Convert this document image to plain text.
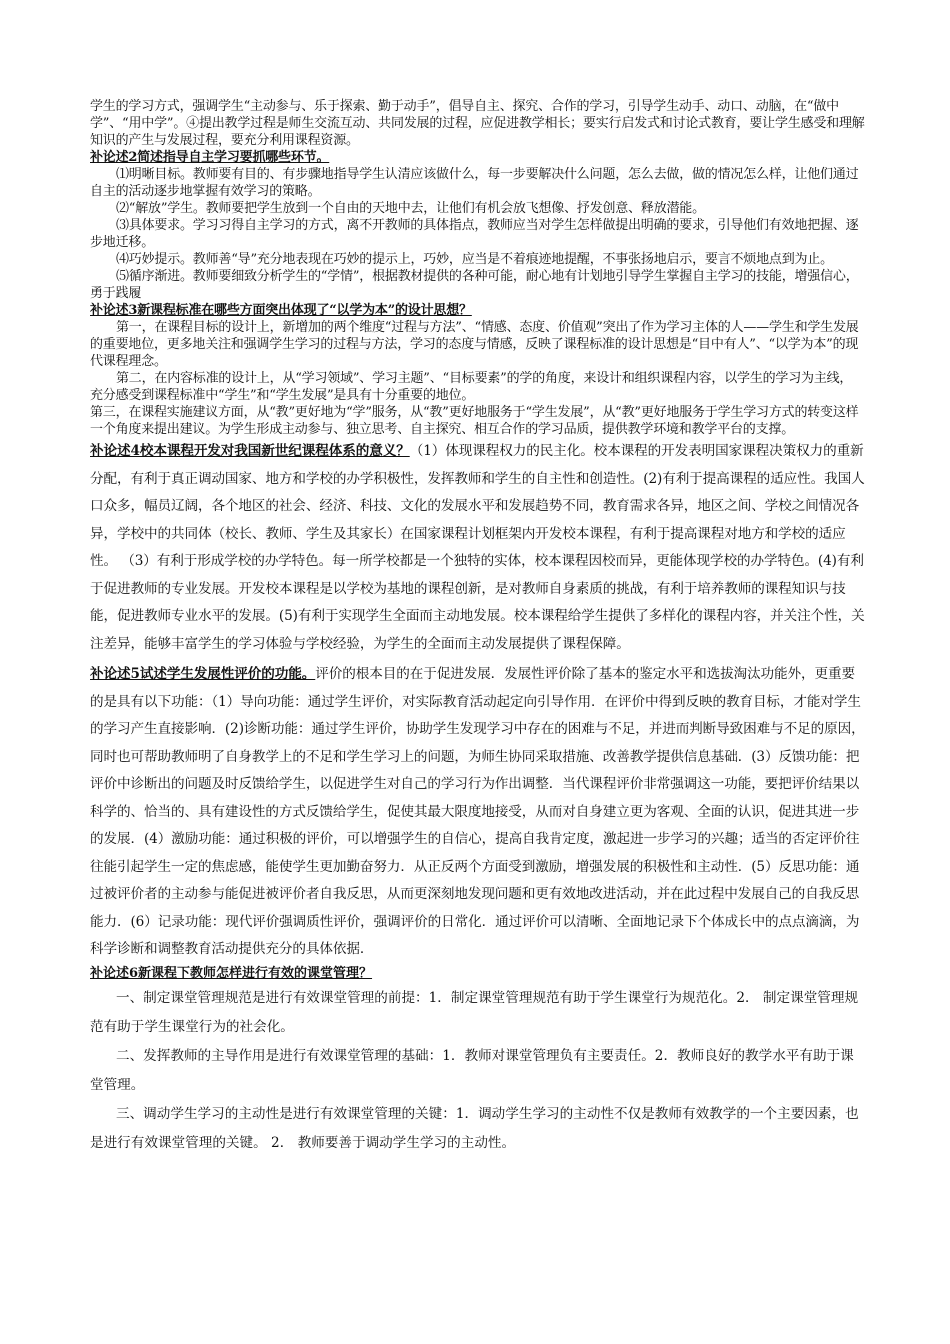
学生的学习方式，强调学生“主动参与、乐于探索、勤于动手”，倡导自主、探究、合作的学习，引导学生动手、动口、动脑，在“做中学”、“用中学”。④提出教学过程是师生交流互动、共同发展的过程，应促进教学相长；要实行启发式和讨论式教育，要让学生感受和理解知识的产生与发展过程，要充分利用课程资源。

补论述2简述指导自主学习要抓哪些环节。

⑴明晰目标。教师要有目的、有步骤地指导学生认清应该做什么，每一步要解决什么问题，怎么去做，做的情况怎么样，让他们通过自主的活动逐步地掌握有效学习的策略。

⑵“解放”学生。教师要把学生放到一个自由的天地中去，让他们有机会放飞想像、抒发创意、释放潜能。

⑶具体要求。学习习得自主学习的方式，离不开教师的具体指点，教师应当对学生怎样做提出明确的要求，引导他们有效地把握、逐步地迁移。

⑷巧妙提示。教师善“导”充分地表现在巧妙的提示上，巧妙，应当是不着痕迹地提醒，不事张扬地启示，要言不烦地点到为止。

⑸循序渐进。教师要细致分析学生的“学情”，根据教材提供的各种可能，耐心地有计划地引导学生掌握自主学习的技能，增强信心，勇于践履

补论述3新课程标准在哪些方面突出体现了“以学为本”的设计思想？

第一，在课程目标的设计上，新增加的两个维度“过程与方法”、“情感、态度、价值观”突出了作为学习主体的人——学生和学生发展的重要地位，更多地关注和强调学生学习的过程与方法，学习的态度与情感，反映了课程标准的设计思想是“目中有人”、“以学为本”的现代课程理念。

第二，在内容标准的设计上，从“学习领域”、学习主题”、“目标要素”的学的角度，来设计和组织课程内容，以学生的学习为主线，充分感受到课程标准中“学生”和“学生发展”是具有十分重要的地位。

第三，在课程实施建议方面，从“教”更好地为“学”服务，从“教”更好地服务于“学生发展”，从“教”更好地服务于学生学习方式的转变这样一个角度来提出建议。为学生形成主动参与、独立思考、自主探究、相互合作的学习品质，提供教学环境和教学平台的支撑。

补论述4校本课程开发对我国新世纪课程体系的意义？（1）体现课程权力的民主化。校本课程的开发表明国家课程决策权力的重新分配，有利于真正调动国家、地方和学校的办学积极性，发挥教师和学生的自主性和创造性。(2)有利于提高课程的适应性。我国人口众多，幅员辽阔，各个地区的社会、经济、科技、文化的发展水平和发展趋势不同，教育需求各异，地区之间、学校之间情况各异，学校中的共同体（校长、教师、学生及其家长）在国家课程计划框架内开发校本课程，有利于提高课程对地方和学校的适应性。 （3）有利于形成学校的办学特色。每一所学校都是一个独特的实体，校本课程因校而异，更能体现学校的办学特色。(4)有利于促进教师的专业发展。开发校本课程是以学校为基地的课程创新，是对教师自身素质的挑战，有利于培养教师的课程知识与技能，促进教师专业水平的发展。(5)有利于实现学生全面而主动地发展。校本课程给学生提供了多样化的课程内容，并关注个性，关注差异，能够丰富学生的学习体验与学校经验，为学生的全面而主动发展提供了课程保障。

补论述5试述学生发展性评价的功能。评价的根本目的在于促进发展．发展性评价除了基本的鉴定水平和选拔淘汰功能外，更重要的是具有以下功能：（1）导向功能：通过学生评价，对实际教育活动起定向引导作用．在评价中得到反映的教育目标，才能对学生的学习产生直接影响．(2)诊断功能：通过学生评价，协助学生发现学习中存在的困难与不足，并进而判断导致困难与不足的原因，同时也可帮助教师明了自身教学上的不足和学生学习上的问题，为师生协同采取措施、改善教学提供信息基础．(3）反馈功能：把评价中诊断出的问题及时反馈给学生，以促进学生对自己的学习行为作出调整．当代课程评价非常强调这一功能，要把评价结果以科学的、恰当的、具有建设性的方式反馈给学生，促使其最大限度地接受，从而对自身建立更为客观、全面的认识，促进其进一步的发展．(4）激励功能：通过积极的评价，可以增强学生的自信心，提高自我肯定度，激起进一步学习的兴趣；适当的否定评价往往能引起学生一定的焦虑感，能使学生更加勤奋努力．从正反两个方面受到激励，增强发展的积极性和主动性．(5）反思功能：通过被评价者的主动参与能促进被评价者自我反思，从而更深刻地发现问题和更有效地改进活动，并在此过程中发展自己的自我反思能力．(6）记录功能：现代评价强调质性评价，强调评价的日常化．通过评价可以清晰、全面地记录下个体成长中的点点滴滴，为科学诊断和调整教育活动提供充分的具体依据．

补论述6新课程下教师怎样进行有效的课堂管理？

一、制定课堂管理规范是进行有效课堂管理的前提：1．制定课堂管理规范有助于学生课堂行为规范化。2． 制定课堂管理规范有助于学生课堂行为的社会化。

二、发挥教师的主导作用是进行有效课堂管理的基础：1．教师对课堂管理负有主要责任。2．教师良好的教学水平有助于课堂管理。

三、调动学生学习的主动性是进行有效课堂管理的关键：1．调动学生学习的主动性不仅是教师有效教学的一个主要因素，也是进行有效课堂管理的关键。 2． 教师要善于调动学生学习的主动性。
